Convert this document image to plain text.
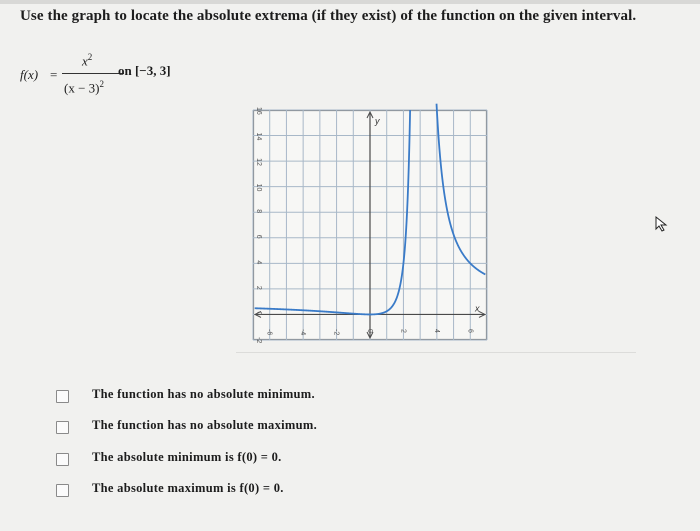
Use the graph to locate the absolute extrema (if they exist) of the function on the given interval.
f(x) =
$x^2$
$(x - 3)^2$
on [−3, 3]
y
x
-2
0
2
4
6
8
10
12
14
16
-6	-4	-2	0	2	4	6
The function has no absolute minimum.
The function has no absolute maximum.
The absolute minimum is f(0) = 0.
The absolute maximum is f(0) = 0.
